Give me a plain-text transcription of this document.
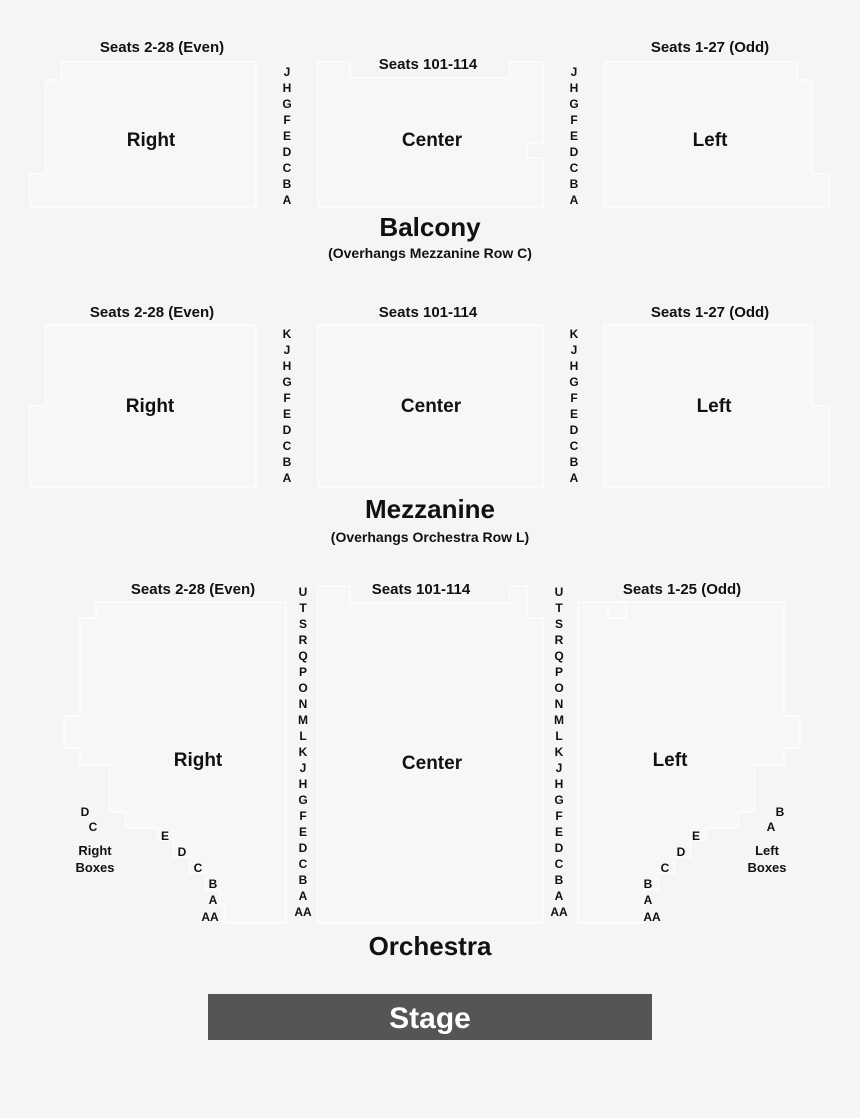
Seats 2-28 (Even)
Seats 101-114
Seats 1-27 (Odd)
Right	Center	Left
J
H
G
F
E
D
C
B
A
J
H
G
F
E
D
C
B
A
Balcony
(Overhangs Mezzanine Row C)
Seats 2-28 (Even)	Seats 101-114	Seats 1-27 (Odd)
Right	Center	Left
K
J
H
G
F
E
D
C
B
A
K
J
H
G
F
E
D
C
B
A
Mezzanine
(Overhangs Orchestra Row L)
Seats 2-28 (Even)	Seats 101-114	Seats 1-25 (Odd)
Right	Center	Left
U
T
S
R
Q
P
O
N
M
L
K
J
H
G
F
E
D
C
B
A
AA
U
T
S
R
Q
P
O
N
M
L
K
J
H
G
F
E
D
C
B
A
AA
E
D
C
B
A
AA
E
D
C
B
A
AA
D
C
Right
Boxes
B
A
Left
Boxes
Orchestra
Stage
